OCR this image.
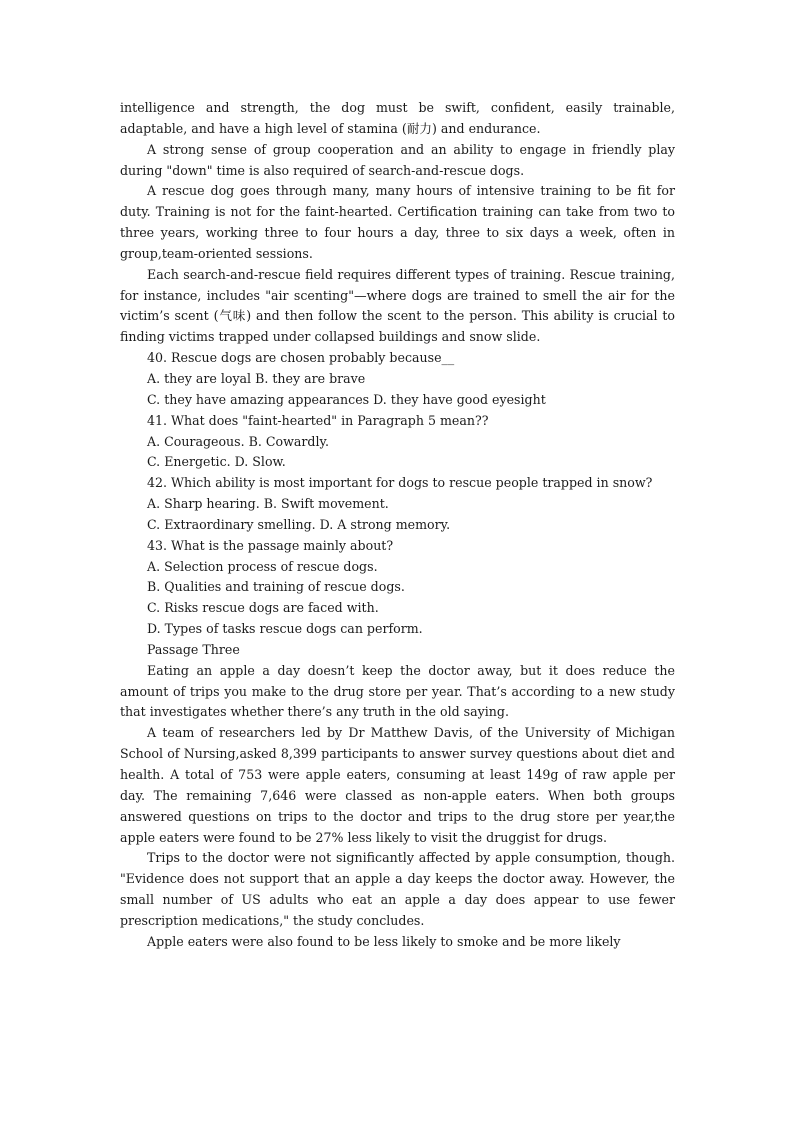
intelligence and strength, the dog must be swift, confident, easily trainable, adaptable, and have a high level of stamina (耐力) and endurance.

A strong sense of group cooperation and an ability to engage in friendly play during "down" time is also required of search-and-rescue dogs.

A rescue dog goes through many, many hours of intensive training to be fit for duty. Training is not for the faint-hearted. Certification training can take from two to three years, working three to four hours a day, three to six days a week, often in group,team-oriented sessions.

Each search-and-rescue field requires different types of training. Rescue training, for instance, includes "air scenting"—where dogs are trained to smell the air for the victim’s scent (气味) and then follow the scent to the person. This ability is crucial to finding victims trapped under collapsed buildings and snow slide.

40. Rescue dogs are chosen probably because__

A. they are loyal B. they are brave

C. they have amazing appearances D. they have good eyesight

41. What does "faint-hearted" in Paragraph 5 mean??

A. Courageous. B. Cowardly.

C. Energetic. D. Slow.

42. Which ability is most important for dogs to rescue people trapped in snow?

A. Sharp hearing. B. Swift movement.

C. Extraordinary smelling. D. A strong memory.

43. What is the passage mainly about?

A. Selection process of rescue dogs.

B. Qualities and training of rescue dogs.

C. Risks rescue dogs are faced with.

D. Types of tasks rescue dogs can perform.

Passage Three

Eating an apple a day doesn’t keep the doctor away, but it does reduce the amount of trips you make to the drug store per year. That’s according to a new study that investigates whether there’s any truth in the old saying.

A team of researchers led by Dr Matthew Davis, of the University of Michigan School of Nursing,asked 8,399 participants to answer survey questions about diet and health. A total of 753 were apple eaters, consuming at least 149g of raw apple per day. The remaining 7,646 were classed as non-apple eaters. When both groups answered questions on trips to the doctor and trips to the drug store per year,the apple eaters were found to be 27% less likely to visit the druggist for drugs.

Trips to the doctor were not significantly affected by apple consumption, though. "Evidence does not support that an apple a day keeps the doctor away. However, the small number of US adults who eat an apple a day does appear to use fewer prescription medications," the study concludes.

Apple eaters were also found to be less likely to smoke and be more likely
